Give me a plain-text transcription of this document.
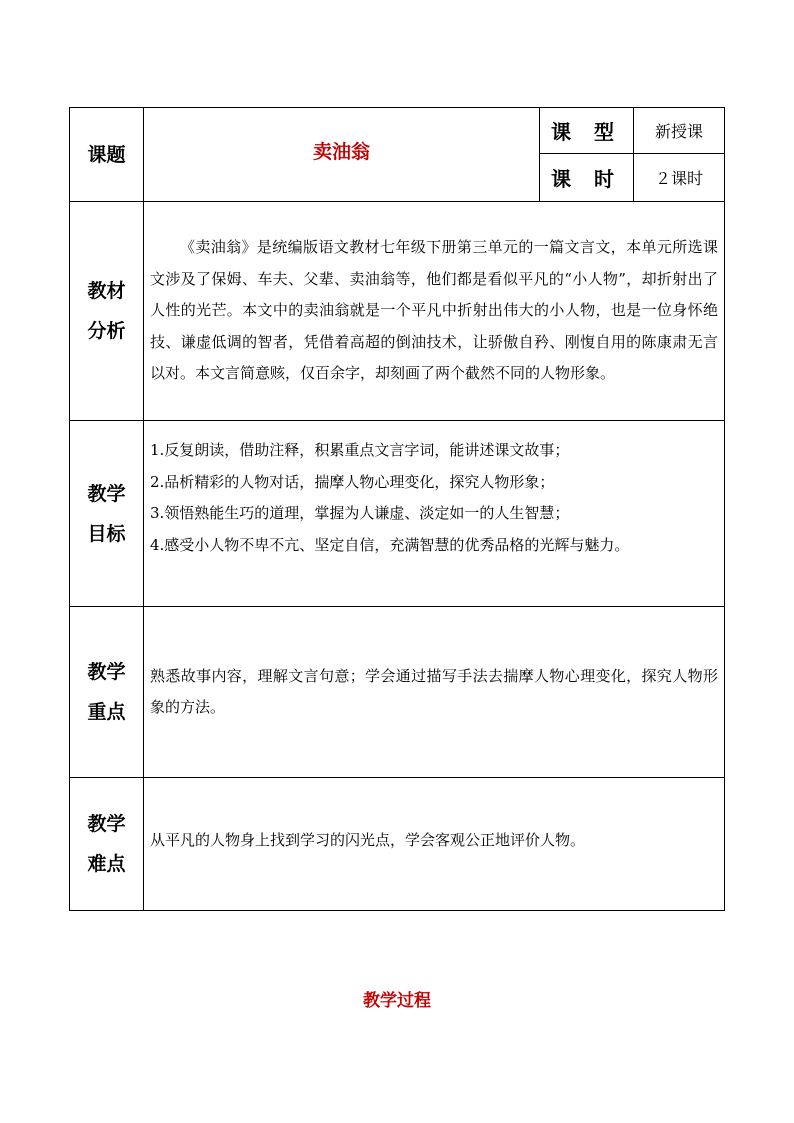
课题	卖油翁	课 型	新授课
		课 时	２课时

教材
分析	《卖油翁》是统编版语文教材七年级下册第三单元的一篇文言文，本单元所选课文涉及了保姆、车夫、父辈、卖油翁等，他们都是看似平凡的“小人物”，却折射出了人性的光芒。本文中的卖油翁就是一个平凡中折射出伟大的小人物，也是一位身怀绝技、谦虚低调的智者，凭借着高超的倒油技术，让骄傲自矜、刚愎自用的陈康肃无言以对。本文言简意赅，仅百余字，却刻画了两个截然不同的人物形象。		

教学
目标	1.反复朗读，借助注释，积累重点文言字词，能讲述课文故事；
2.品析精彩的人物对话，揣摩人物心理变化，探究人物形象；
3.领悟熟能生巧的道理，掌握为人谦虚、淡定如一的人生智慧；
4.感受小人物不卑不亢、坚定自信，充满智慧的优秀品格的光辉与魅力。		

教学
重点	熟悉故事内容，理解文言句意；学会通过描写手法去揣摩人物心理变化，探究人物形象的方法。		

教学
难点	从平凡的人物身上找到学习的闪光点，学会客观公正地评价人物。		
教学过程
